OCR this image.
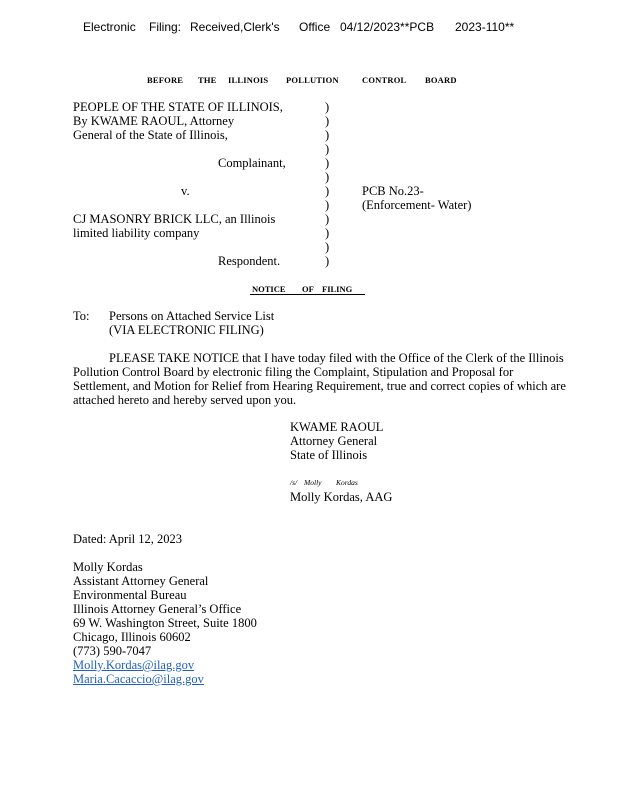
Electronic Filing: Received,Clerk's Office 04/12/2023**PCB 2023-110**
BEFORE THE ILLINOIS POLLUTION	CONTROL BOARD
PEOPLE OF THE STATE OF ILLINOIS,
By KWAME RAOUL, Attorney
General of the State of Illinois,
Complainant,
v.
CJ MASONRY BRICK LLC, an Illinois
limited liability company
Respondent.
PCB No.23-
(Enforcement- Water)
)
)
)
)
)
)
)
)
)
)
)
)
NOTICE OF FILING
To: Persons on Attached Service List
(VIA ELECTRONIC FILING)
PLEASE TAKE NOTICE that I have today filed with the Office of the Clerk of the Illinois
Pollution Control Board by electronic filing the Complaint, Stipulation and Proposal for
Settlement, and Motion for Relief from Hearing Requirement, true and correct copies of which are
attached hereto and hereby served upon you.
KWAME RAOUL
Attorney General
State of Illinois
/s/ Molly Kordas
Molly Kordas, AAG
Dated: April 12, 2023
Molly Kordas
Assistant Attorney General
Environmental Bureau
Illinois Attorney General’s Office
69 W. Washington Street, Suite 1800
Chicago, Illinois 60602
(773) 590-7047
Molly.Kordas@ilag.gov
Maria.Cacaccio@ilag.gov
